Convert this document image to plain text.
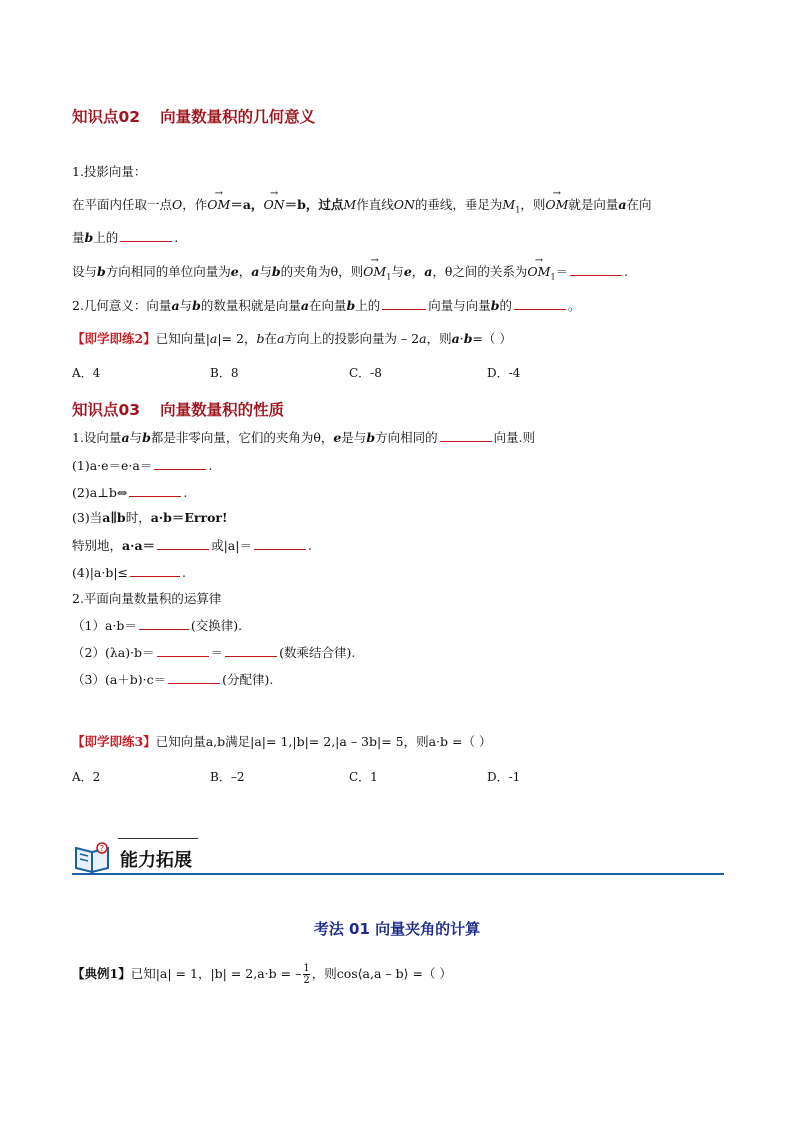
知识点02 向量数量积的几何意义
1.投影向量：
在平面内任取一点O，作→ OM＝a，→ ON＝b，过点M作直线ON的垂线，垂足为$M_1$，则→ OM就是向量a在向
量b上的	.
设与b方向相同的单位向量为e，a与b的夹角为θ，则→ $OM_1$与e，a，θ之间的关系为→ $OM_1=$	.
2.几何意义：向量a与b的数量积就是向量a在向量b上的	向量与向量b的	。
【即学即练2】已知向量|a|= 2，b在a方向上的投影向量为 – 2a，则a·b=（ ）
A．4	B．8	C．-8	D．-4
知识点03 向量数量积的性质
1.设向量a与b都是非零向量，它们的夹角为θ，e是与b方向相同的	向量.则
(1)a·e＝e·a＝	.
(2)a⊥b⇔	.
(3)当a∥b时，a·b＝Error!
特别地，a·a＝	或|a|＝	.
(4)|a·b|≤	.
2.平面向量数量积的运算律
（1）a·b＝	(交换律).
（2）(λa)·b＝	＝	(数乘结合律).
（3）(a＋b)·c＝	(分配律).
【即学即练3】已知向量a,b满足|a|= 1,|b|= 2,|a – 3b|= 5，则a·b =（ ）
A．2	B．–2	C．1	D．-1
?
能力拓展
考法 01 向量夹角的计算
【典例1】已知|a| = 1，|b| = 2,a·b = – $\frac{1}{2}$ ，则cos⟨a,a – b⟩ =（ ）
